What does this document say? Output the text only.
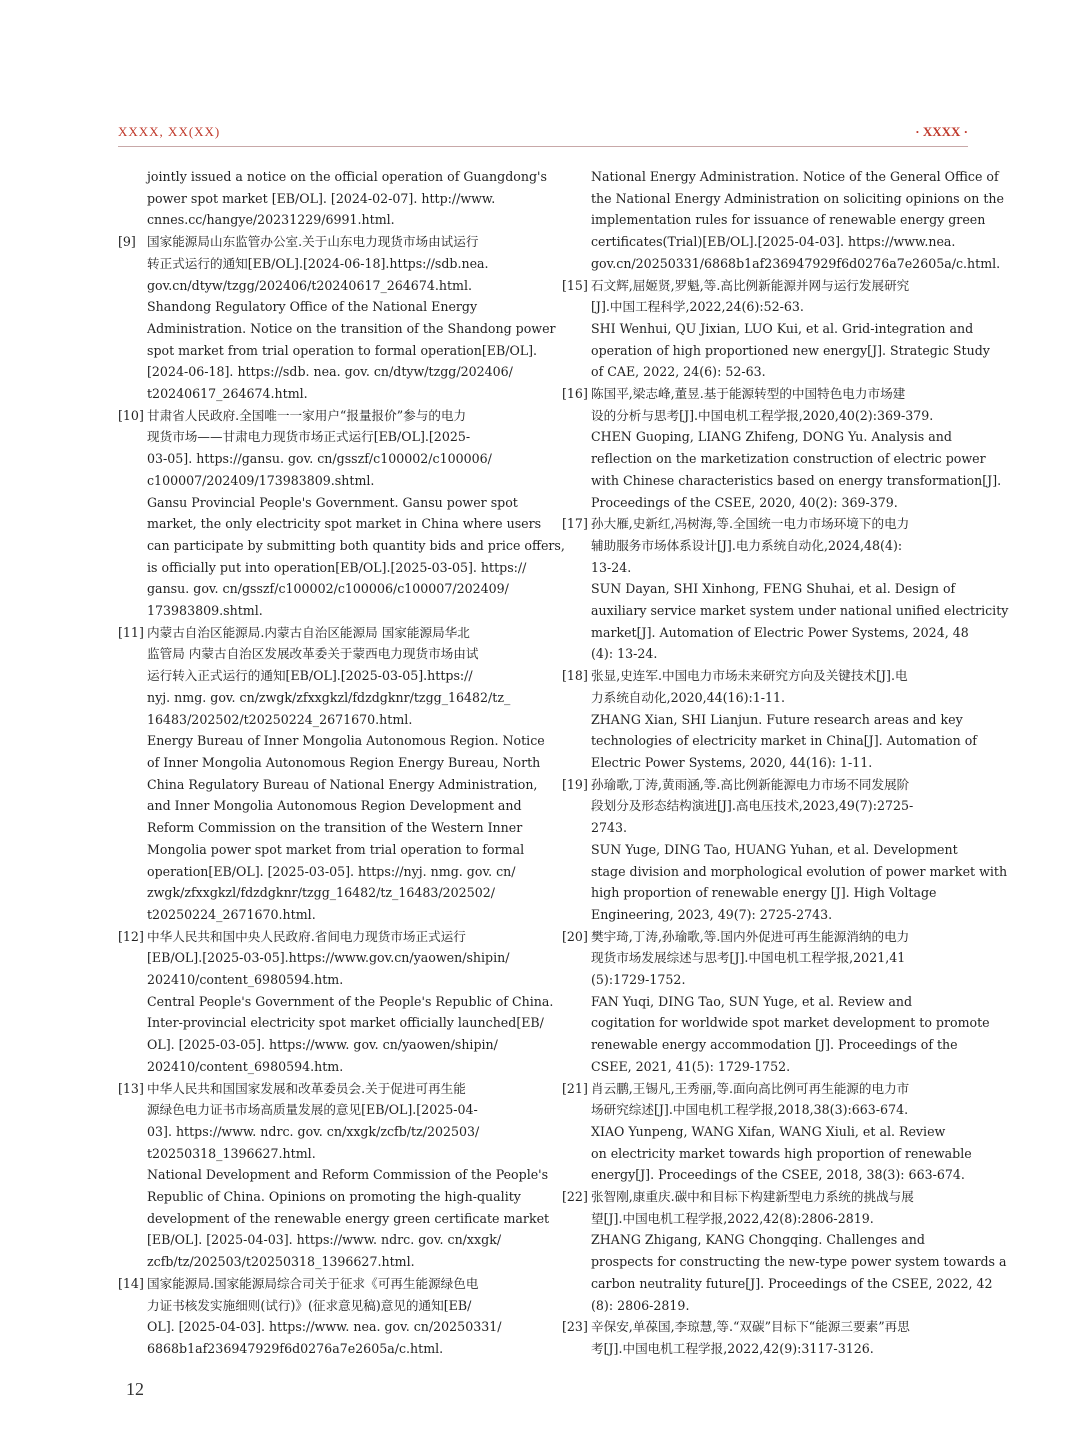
XXXX, XX(XX)	· XXXX ·
jointly issued a notice on the official operation of Guangdong's
power spot market [EB/OL]. [2024-02-07]. http://www.
cnnes.cc/hangye/20231229/6991.html.
[9] 国家能源局山东监管办公室.关于山东电力现货市场由试运行
转正式运行的通知[EB/OL].[2024-06-18].https://sdb.nea.
gov.cn/dtyw/tzgg/202406/t20240617_264674.html.
Shandong Regulatory Office of the National Energy
Administration. Notice on the transition of the Shandong power
spot market from trial operation to formal operation[EB/OL].
[2024-06-18]. https://sdb. nea. gov. cn/dtyw/tzgg/202406/
t20240617_264674.html.
[10] 甘肃省人民政府.全国唯一一家用户“报量报价”参与的电力
现货市场——甘肃电力现货市场正式运行[EB/OL].[2025-
03-05]. https://gansu. gov. cn/gsszf/c100002/c100006/
c100007/202409/173983809.shtml.
Gansu Provincial People's Government. Gansu power spot
market, the only electricity spot market in China where users
can participate by submitting both quantity bids and price offers,
is officially put into operation[EB/OL].[2025-03-05]. https://
gansu. gov. cn/gsszf/c100002/c100006/c100007/202409/
173983809.shtml.
[11] 内蒙古自治区能源局.内蒙古自治区能源局 国家能源局华北
监管局 内蒙古自治区发展改革委关于蒙西电力现货市场由试
运行转入正式运行的通知[EB/OL].[2025-03-05].https://
nyj. nmg. gov. cn/zwgk/zfxxgkzl/fdzdgknr/tzgg_16482/tz_
16483/202502/t20250224_2671670.html.
Energy Bureau of Inner Mongolia Autonomous Region. Notice
of Inner Mongolia Autonomous Region Energy Bureau, North
China Regulatory Bureau of National Energy Administration,
and Inner Mongolia Autonomous Region Development and
Reform Commission on the transition of the Western Inner
Mongolia power spot market from trial operation to formal
operation[EB/OL]. [2025-03-05]. https://nyj. nmg. gov. cn/
zwgk/zfxxgkzl/fdzdgknr/tzgg_16482/tz_16483/202502/
t20250224_2671670.html.
[12] 中华人民共和国中央人民政府.省间电力现货市场正式运行
[EB/OL].[2025-03-05].https://www.gov.cn/yaowen/shipin/
202410/content_6980594.htm.
Central People's Government of the People's Republic of China.
Inter-provincial electricity spot market officially launched[EB/
OL]. [2025-03-05]. https://www. gov. cn/yaowen/shipin/
202410/content_6980594.htm.
[13] 中华人民共和国国家发展和改革委员会.关于促进可再生能
源绿色电力证书市场高质量发展的意见[EB/OL].[2025-04-
03]. https://www. ndrc. gov. cn/xxgk/zcfb/tz/202503/
t20250318_1396627.html.
National Development and Reform Commission of the People's
Republic of China. Opinions on promoting the high-quality
development of the renewable energy green certificate market
[EB/OL]. [2025-04-03]. https://www. ndrc. gov. cn/xxgk/
zcfb/tz/202503/t20250318_1396627.html.
[14] 国家能源局.国家能源局综合司关于征求《可再生能源绿色电
力证书核发实施细则(试行)》(征求意见稿)意见的通知[EB/
OL]. [2025-04-03]. https://www. nea. gov. cn/20250331/
6868b1af236947929f6d0276a7e2605a/c.html.
National Energy Administration. Notice of the General Office of
the National Energy Administration on soliciting opinions on the
implementation rules for issuance of renewable energy green
certificates(Trial)[EB/OL].[2025-04-03]. https://www.nea.
gov.cn/20250331/6868b1af236947929f6d0276a7e2605a/c.html.
[15] 石文辉,屈姬贤,罗魁,等.高比例新能源并网与运行发展研究
[J].中国工程科学,2022,24(6):52-63.
SHI Wenhui, QU Jixian, LUO Kui, et al. Grid-integration and
operation of high proportioned new energy[J]. Strategic Study
of CAE, 2022, 24(6): 52-63.
[16] 陈国平,梁志峰,董昱.基于能源转型的中国特色电力市场建
设的分析与思考[J].中国电机工程学报,2020,40(2):369-379.
CHEN Guoping, LIANG Zhifeng, DONG Yu. Analysis and
reflection on the marketization construction of electric power
with Chinese characteristics based on energy transformation[J].
Proceedings of the CSEE, 2020, 40(2): 369-379.
[17] 孙大雁,史新红,冯树海,等.全国统一电力市场环境下的电力
辅助服务市场体系设计[J].电力系统自动化,2024,48(4):
13-24.
SUN Dayan, SHI Xinhong, FENG Shuhai, et al. Design of
auxiliary service market system under national unified electricity
market[J]. Automation of Electric Power Systems, 2024, 48
(4): 13-24.
[18] 张显,史连军.中国电力市场未来研究方向及关键技术[J].电
力系统自动化,2020,44(16):1-11.
ZHANG Xian, SHI Lianjun. Future research areas and key
technologies of electricity market in China[J]. Automation of
Electric Power Systems, 2020, 44(16): 1-11.
[19] 孙瑜歌,丁涛,黄雨涵,等.高比例新能源电力市场不同发展阶
段划分及形态结构演进[J].高电压技术,2023,49(7):2725-
2743.
SUN Yuge, DING Tao, HUANG Yuhan, et al. Development
stage division and morphological evolution of power market with
high proportion of renewable energy [J]. High Voltage
Engineering, 2023, 49(7): 2725-2743.
[20] 樊宇琦,丁涛,孙瑜歌,等.国内外促进可再生能源消纳的电力
现货市场发展综述与思考[J].中国电机工程学报,2021,41
(5):1729-1752.
FAN Yuqi, DING Tao, SUN Yuge, et al. Review and
cogitation for worldwide spot market development to promote
renewable energy accommodation [J]. Proceedings of the
CSEE, 2021, 41(5): 1729-1752.
[21] 肖云鹏,王锡凡,王秀丽,等.面向高比例可再生能源的电力市
场研究综述[J].中国电机工程学报,2018,38(3):663-674.
XIAO Yunpeng, WANG Xifan, WANG Xiuli, et al. Review
on electricity market towards high proportion of renewable
energy[J]. Proceedings of the CSEE, 2018, 38(3): 663-674.
[22] 张智刚,康重庆.碳中和目标下构建新型电力系统的挑战与展
望[J].中国电机工程学报,2022,42(8):2806-2819.
ZHANG Zhigang, KANG Chongqing. Challenges and
prospects for constructing the new-type power system towards a
carbon neutrality future[J]. Proceedings of the CSEE, 2022, 42
(8): 2806-2819.
[23] 辛保安,单葆国,李琼慧,等.“双碳”目标下“能源三要素”再思
考[J].中国电机工程学报,2022,42(9):3117-3126.
12
